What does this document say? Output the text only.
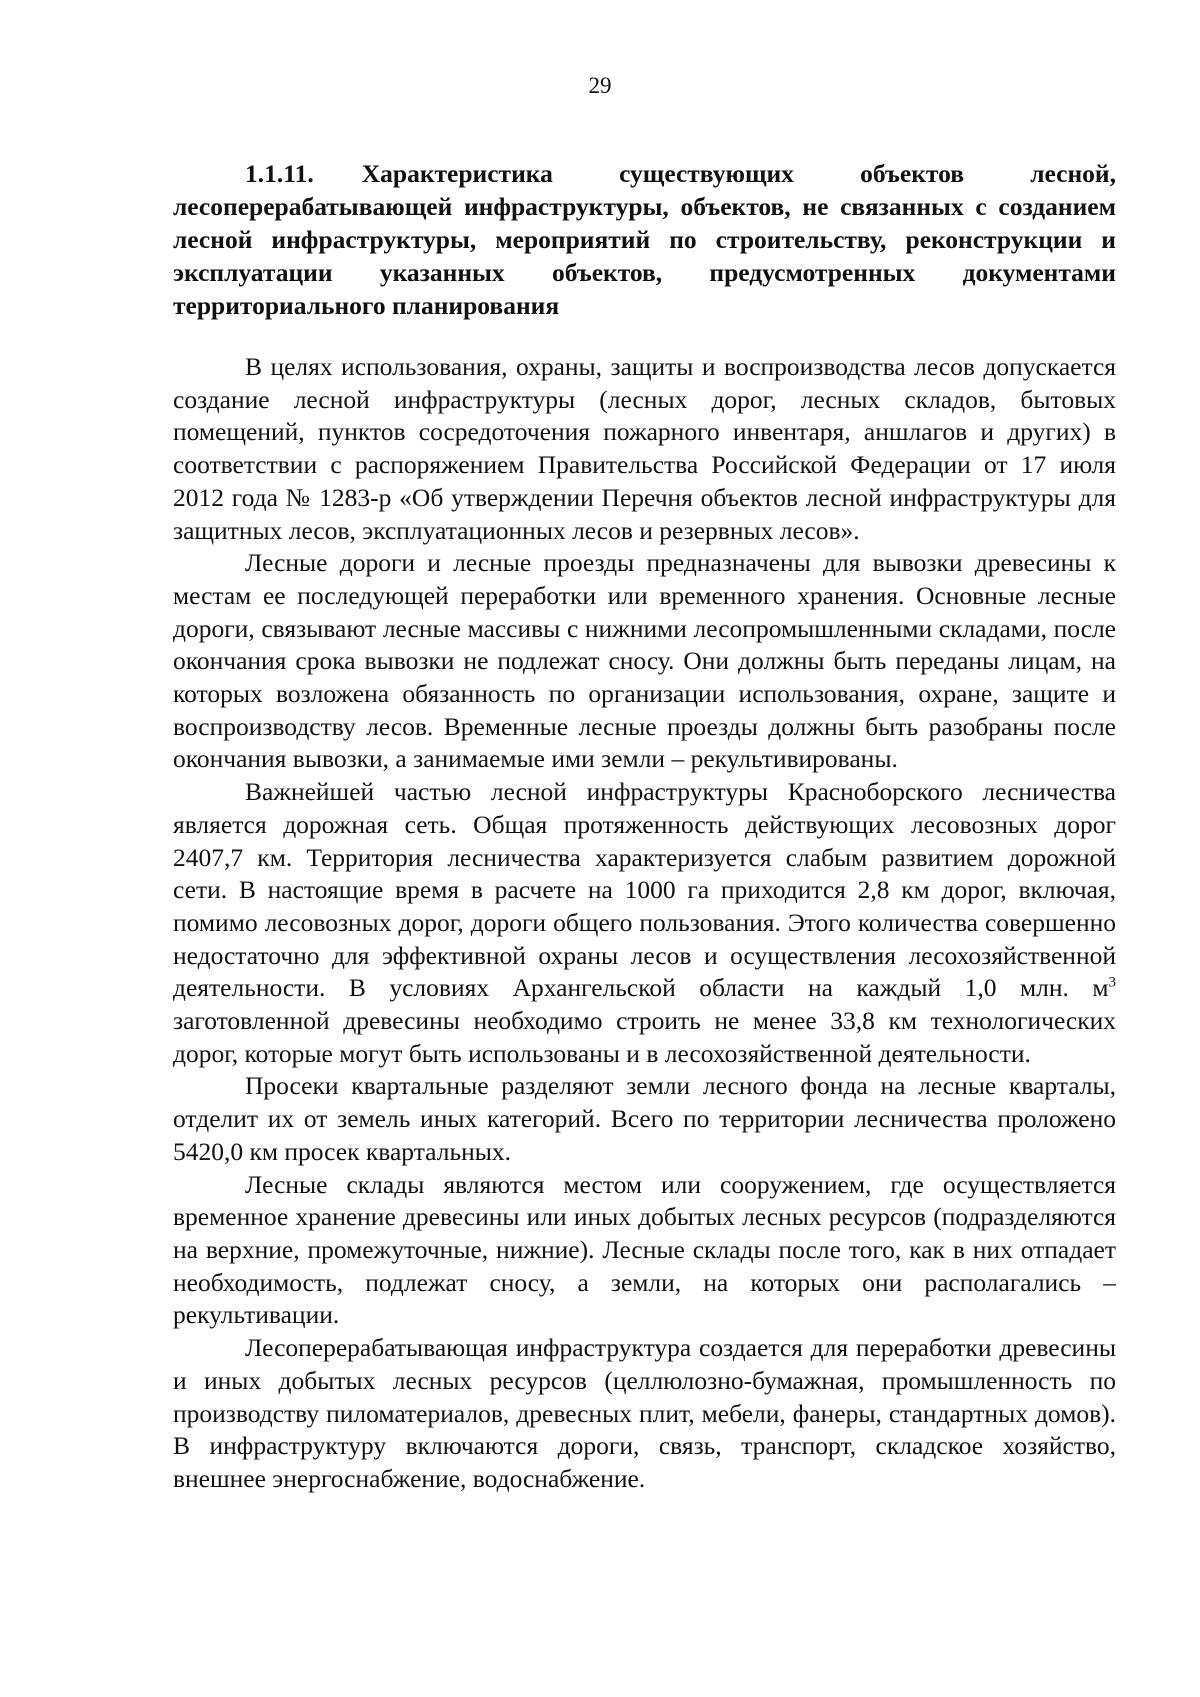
29
1.1.11. Характеристика существующих объектов лесной, лесоперерабатывающей инфраструктуры, объектов, не связанных с созданием лесной инфраструктуры, мероприятий по строительству, реконструкции и эксплуатации указанных объектов, предусмотренных документами территориального планирования

В целях использования, охраны, защиты и воспроизводства лесов допускается создание лесной инфраструктуры (лесных дорог, лесных складов, бытовых помещений, пунктов сосредоточения пожарного инвентаря, аншлагов и других) в соответствии с распоряжением Правительства Российской Федерации от 17 июля 2012 года № 1283-р «Об утверждении Перечня объектов лесной инфраструктуры для защитных лесов, эксплуатационных лесов и резервных лесов».

Лесные дороги и лесные проезды предназначены для вывозки древесины к местам ее последующей переработки или временного хранения. Основные лесные дороги, связывают лесные массивы с нижними лесопромышленными складами, после окончания срока вывозки не подлежат сносу. Они должны быть переданы лицам, на которых возложена обязанность по организации использования, охране, защите и воспроизводству лесов. Временные лесные проезды должны быть разобраны после окончания вывозки, а занимаемые ими земли – рекультивированы.

Важнейшей частью лесной инфраструктуры Красноборского лесничества является дорожная сеть. Общая протяженность действующих лесовозных дорог 2407,7 км. Территория лесничества характеризуется слабым развитием дорожной сети. В настоящие время в расчете на 1000 га приходится 2,8 км дорог, включая, помимо лесовозных дорог, дороги общего пользования. Этого количества совершенно недостаточно для эффективной охраны лесов и осуществления лесохозяйственной деятельности. В условиях Архангельской области на каждый 1,0 млн. $м^3$ заготовленной древесины необходимо строить не менее 33,8 км технологических дорог, которые могут быть использованы и в лесохозяйственной деятельности.

Просеки квартальные разделяют земли лесного фонда на лесные кварталы, отделит их от земель иных категорий. Всего по территории лесничества проложено 5420,0 км просек квартальных.

Лесные склады являются местом или сооружением, где осуществляется временное хранение древесины или иных добытых лесных ресурсов (подразделяются на верхние, промежуточные, нижние). Лесные склады после того, как в них отпадает необходимость, подлежат сносу, а земли, на которых они располагались – рекультивации.

Лесоперерабатывающая инфраструктура создается для переработки древесины и иных добытых лесных ресурсов (целлюлозно-бумажная, промышленность по производству пиломатериалов, древесных плит, мебели, фанеры, стандартных домов). В инфраструктуру включаются дороги, связь, транспорт, складское хозяйство, внешнее энергоснабжение, водоснабжение.
